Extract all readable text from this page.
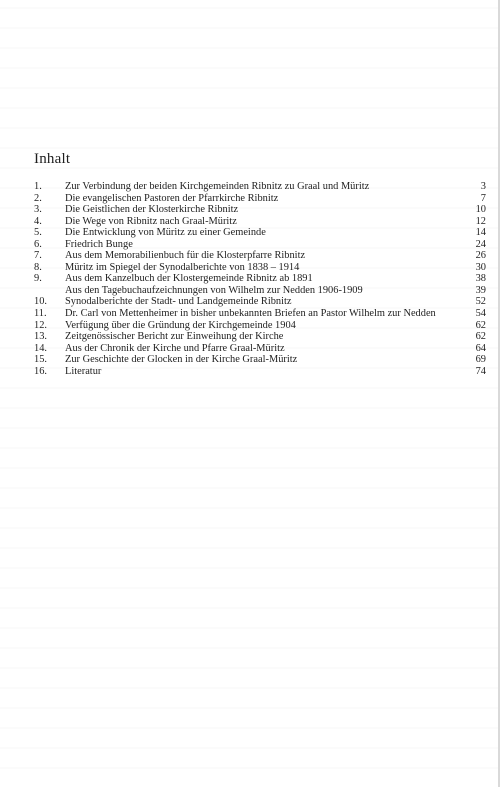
Inhalt
1.	Zur Verbindung der beiden Kirchgemeinden Ribnitz zu Graal und Müritz	3
2.	Die evangelischen Pastoren der Pfarrkirche Ribnitz	7
3.	Die Geistlichen der Klosterkirche Ribnitz	10
4.	Die Wege von Ribnitz nach Graal-Müritz	12
5.	Die Entwicklung von Müritz zu einer Gemeinde	14
6.	Friedrich Bunge	24
7.	Aus dem Memorabilienbuch für die Klosterpfarre Ribnitz	26
8.	Müritz im Spiegel der Synodalberichte von 1838 – 1914	30
9.	Aus dem Kanzelbuch der Klostergemeinde Ribnitz ab 1891	38
Aus den Tagebuchaufzeichnungen von Wilhelm zur Nedden 1906-1909	39
10.	Synodalberichte der Stadt- und Landgemeinde Ribnitz	52
11.	Dr. Carl von Mettenheimer in bisher unbekannten Briefen an Pastor Wilhelm zur Nedden	54
12.	Verfügung über die Gründung der Kirchgemeinde 1904	62
13.	Zeitgenössischer Bericht zur Einweihung der Kirche	62
14.	Aus der Chronik der Kirche und Pfarre Graal-Müritz	64
15.	Zur Geschichte der Glocken in der Kirche Graal-Müritz	69
16.	Literatur	74
